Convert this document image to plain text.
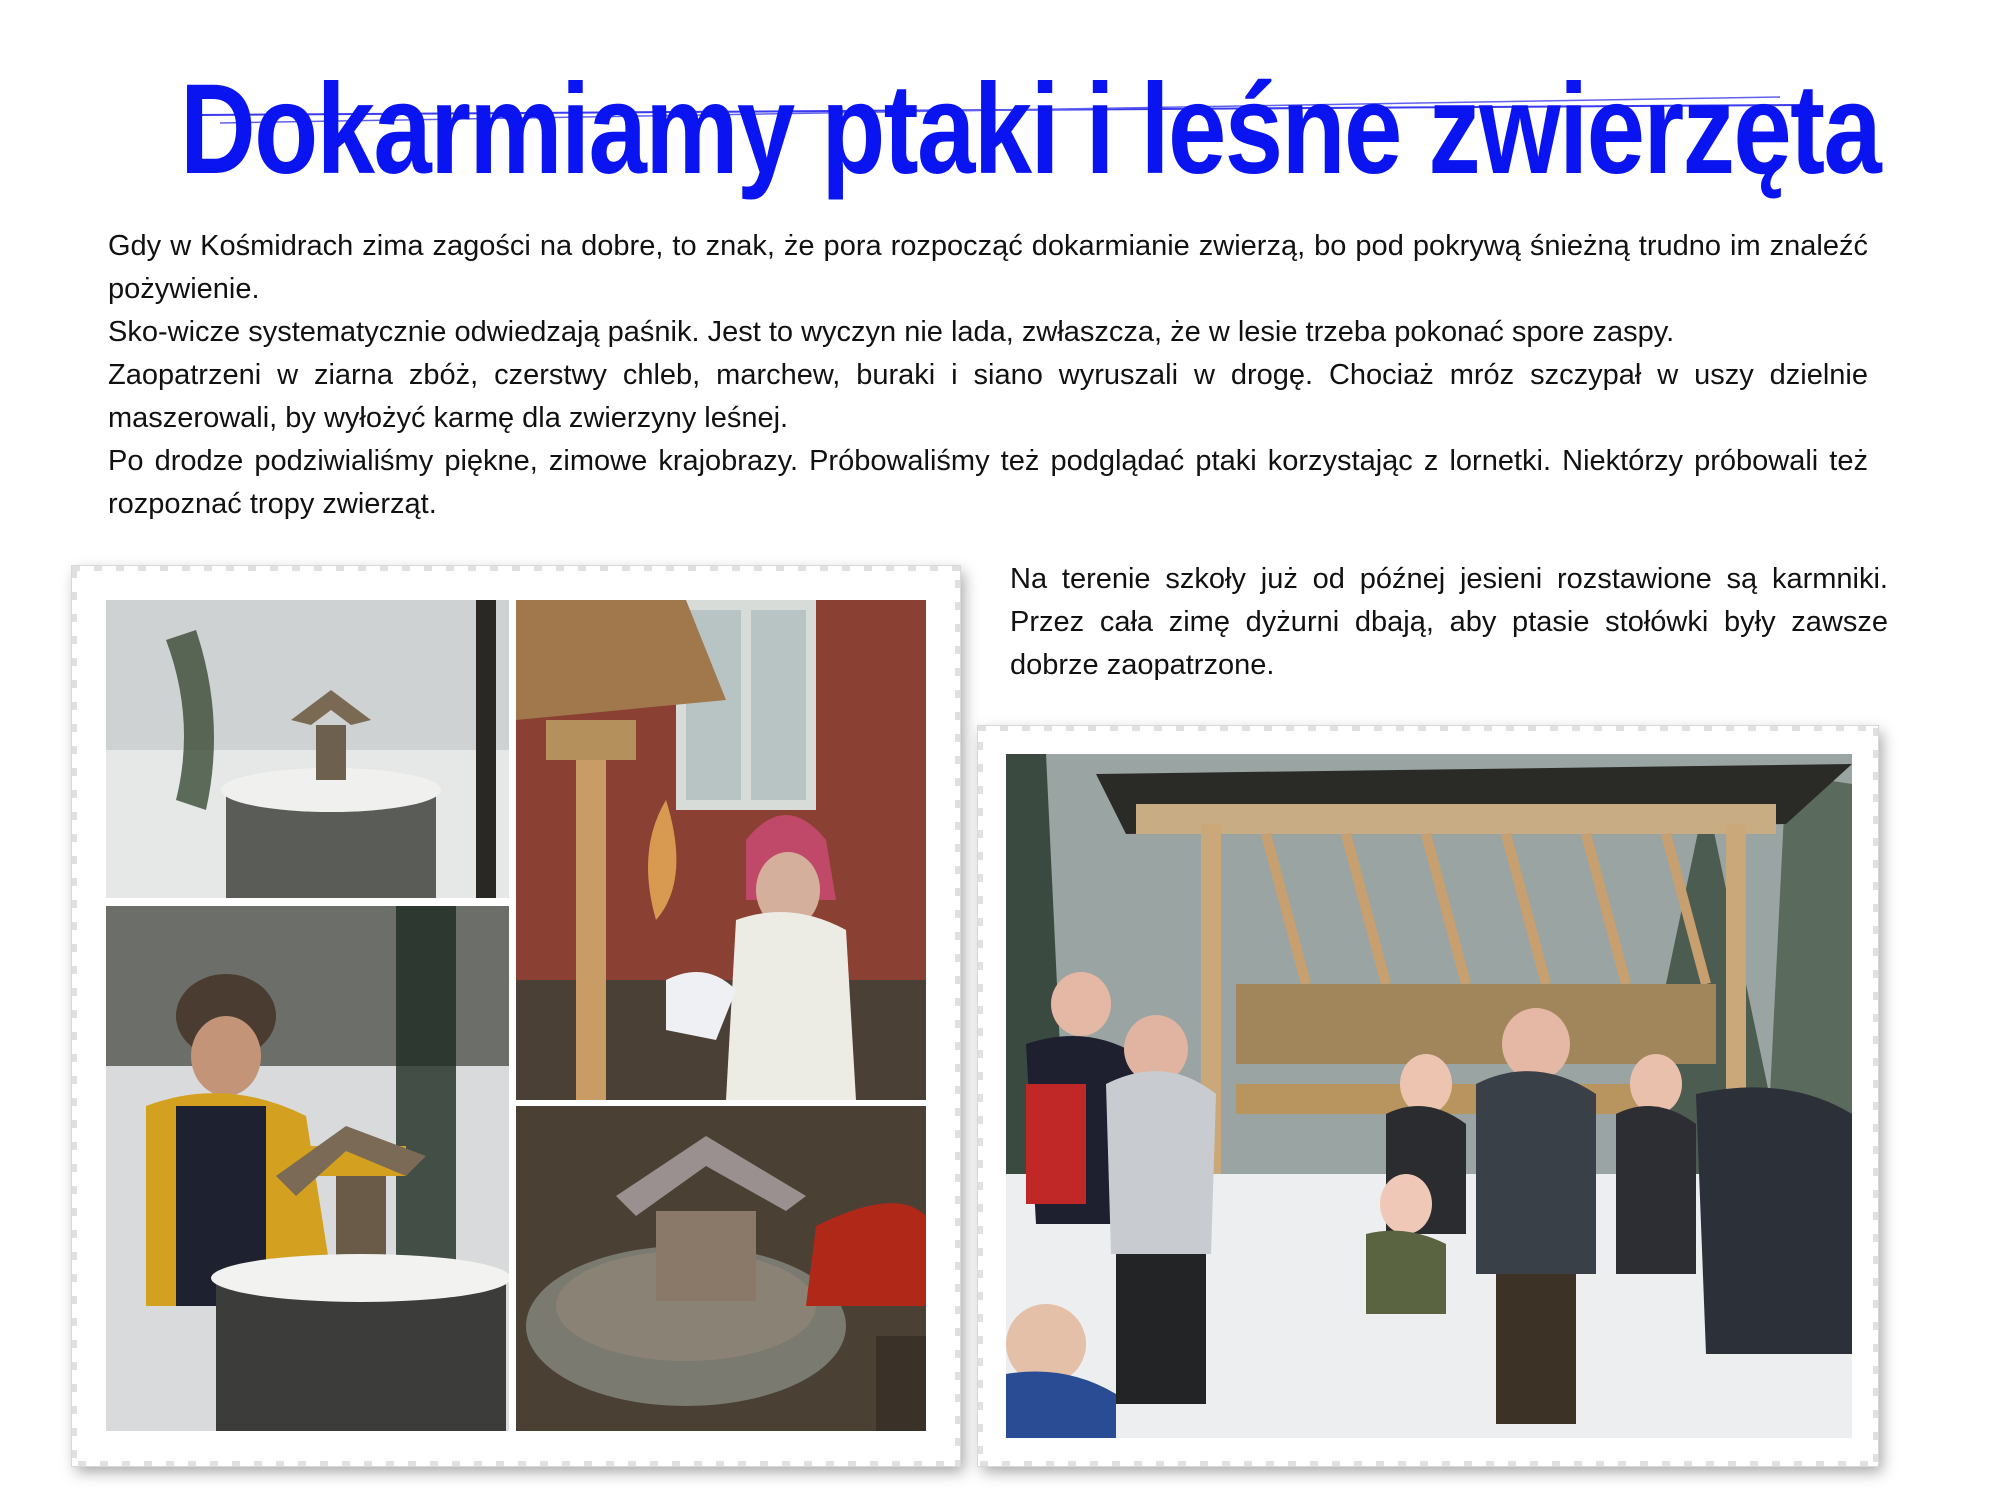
Dokarmiamy ptaki i leśne zwierzęta

Gdy w Kośmidrach zima zagości na dobre, to znak, że pora rozpocząć dokarmianie zwierzą, bo pod pokrywą śnieżną trudno im znaleźć pożywienie.

Sko-wicze systematycznie odwiedzają paśnik. Jest to wyczyn nie lada, zwłaszcza, że w lesie trzeba pokonać spore zaspy.

Zaopatrzeni w ziarna zbóż, czerstwy chleb, marchew, buraki i siano wyruszali w drogę. Chociaż mróz szczypał w uszy dzielnie maszerowali, by wyłożyć karmę dla zwierzyny leśnej.

Po drodze podziwialiśmy piękne, zimowe krajobrazy. Próbowaliśmy też podglądać ptaki korzystając z lornetki. Niektórzy próbowali też rozpoznać tropy zwierząt.

Na terenie szkoły już od późnej jesieni rozstawione są karmniki. Przez cała zimę dyżurni dbają, aby ptasie stołówki były zawsze dobrze zaopatrzone.
